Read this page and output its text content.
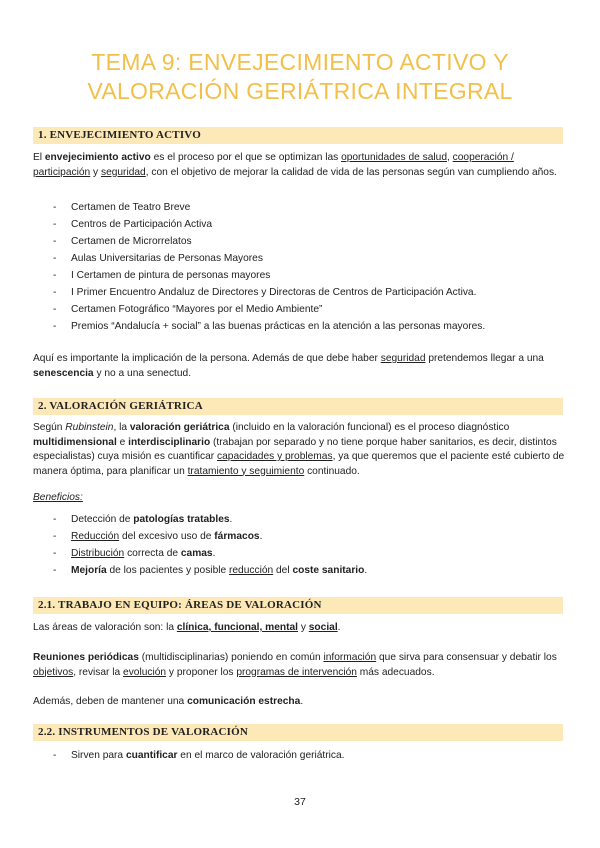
TEMA 9: ENVEJECIMIENTO ACTIVO Y
VALORACIÓN GERIÁTRICA INTEGRAL
1. ENVEJECIMIENTO ACTIVO
El envejecimiento activo es el proceso por el que se optimizan las oportunidades de salud, cooperación / participación y seguridad, con el objetivo de mejorar la calidad de vida de las personas según van cumpliendo años.
- Certamen de Teatro Breve
- Centros de Participación Activa
- Certamen de Microrrelatos
- Aulas Universitarias de Personas Mayores
- I Certamen de pintura de personas mayores
- I Primer Encuentro Andaluz de Directores y Directoras de Centros de Participación Activa.
- Certamen Fotográfico “Mayores por el Medio Ambiente”
- Premios “Andalucía + social” a las buenas prácticas en la atención a las personas mayores.
Aquí es importante la implicación de la persona. Además de que debe haber seguridad pretendemos llegar a una senescencia y no a una senectud.
2. VALORACIÓN GERIÁTRICA
Según Rubinstein, la valoración geriátrica (incluido en la valoración funcional) es el proceso diagnóstico multidimensional e interdisciplinario (trabajan por separado y no tiene porque haber sanitarios, es decir, distintos especialistas) cuya misión es cuantificar capacidades y problemas, ya que queremos que el paciente esté cubierto de manera óptima, para planificar un tratamiento y seguimiento continuado.
Beneficios:
- Detección de patologías tratables.
- Reducción del excesivo uso de fármacos.
- Distribución correcta de camas.
- Mejoría de los pacientes y posible reducción del coste sanitario.
2.1. TRABAJO EN EQUIPO: ÁREAS DE VALORACIÓN
Las áreas de valoración son: la clínica, funcional, mental y social.
Reuniones periódicas (multidisciplinarias) poniendo en común información que sirva para consensuar y debatir los objetivos, revisar la evolución y proponer los programas de intervención más adecuados.
Además, deben de mantener una comunicación estrecha.
2.2. INSTRUMENTOS DE VALORACIÓN
- Sirven para cuantificar en el marco de valoración geriátrica.
37
